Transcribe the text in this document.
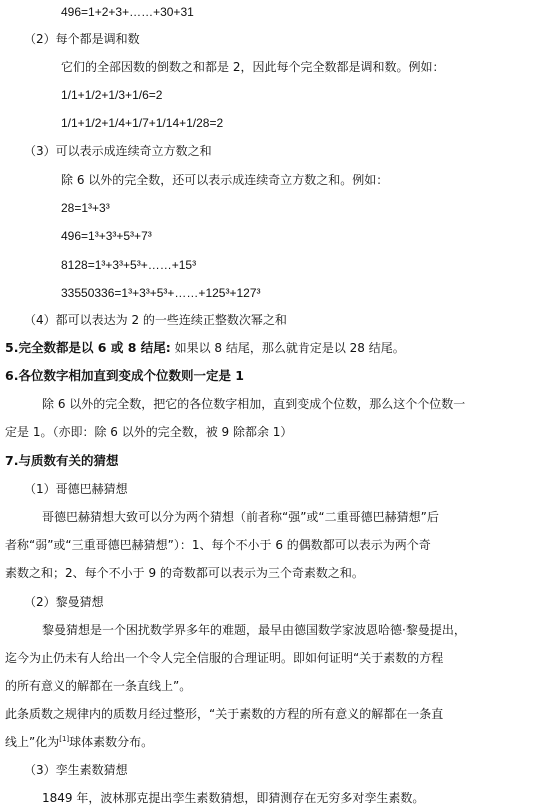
496=1+2+3+……+30+31
（2）每个都是调和数
它们的全部因数的倒数之和都是 2，因此每个完全数都是调和数。例如：
1/1+1/2+1/3+1/6=2
1/1+1/2+1/4+1/7+1/14+1/28=2
（3）可以表示成连续奇立方数之和
除 6 以外的完全数，还可以表示成连续奇立方数之和。例如：
28=1³+3³
496=1³+3³+5³+7³
8128=1³+3³+5³+……+15³
33550336=1³+3³+5³+……+125³+127³
（4）都可以表达为 2 的一些连续正整数次幂之和
5.完全数都是以 6 或 8 结尾: 如果以 8 结尾，那么就肯定是以 28 结尾。
6.各位数字相加直到变成个位数则一定是 1
除 6 以外的完全数，把它的各位数字相加，直到变成个位数，那么这个个位数一
定是 1。（亦即：除 6 以外的完全数，被 9 除都余 1）
7.与质数有关的猜想
（1）哥德巴赫猜想
哥德巴赫猜想大致可以分为两个猜想（前者称“强”或“二重哥德巴赫猜想”后
者称“弱”或“三重哥德巴赫猜想”）：1、每个不小于 6 的偶数都可以表示为两个奇
素数之和；2、每个不小于 9 的奇数都可以表示为三个奇素数之和。
（2）黎曼猜想
黎曼猜想是一个困扰数学界多年的难题，最早由德国数学家波恩哈德·黎曼提出，
迄今为止仍未有人给出一个令人完全信服的合理证明。即如何证明“关于素数的方程
的所有意义的解都在一条直线上”。
此条质数之规律内的质数月经过整形，“关于素数的方程的所有意义的解都在一条直
线上”化为[1]球体素数分布。
（3）孪生素数猜想
1849 年，波林那克提出孪生素数猜想，即猜测存在无穷多对孪生素数。
